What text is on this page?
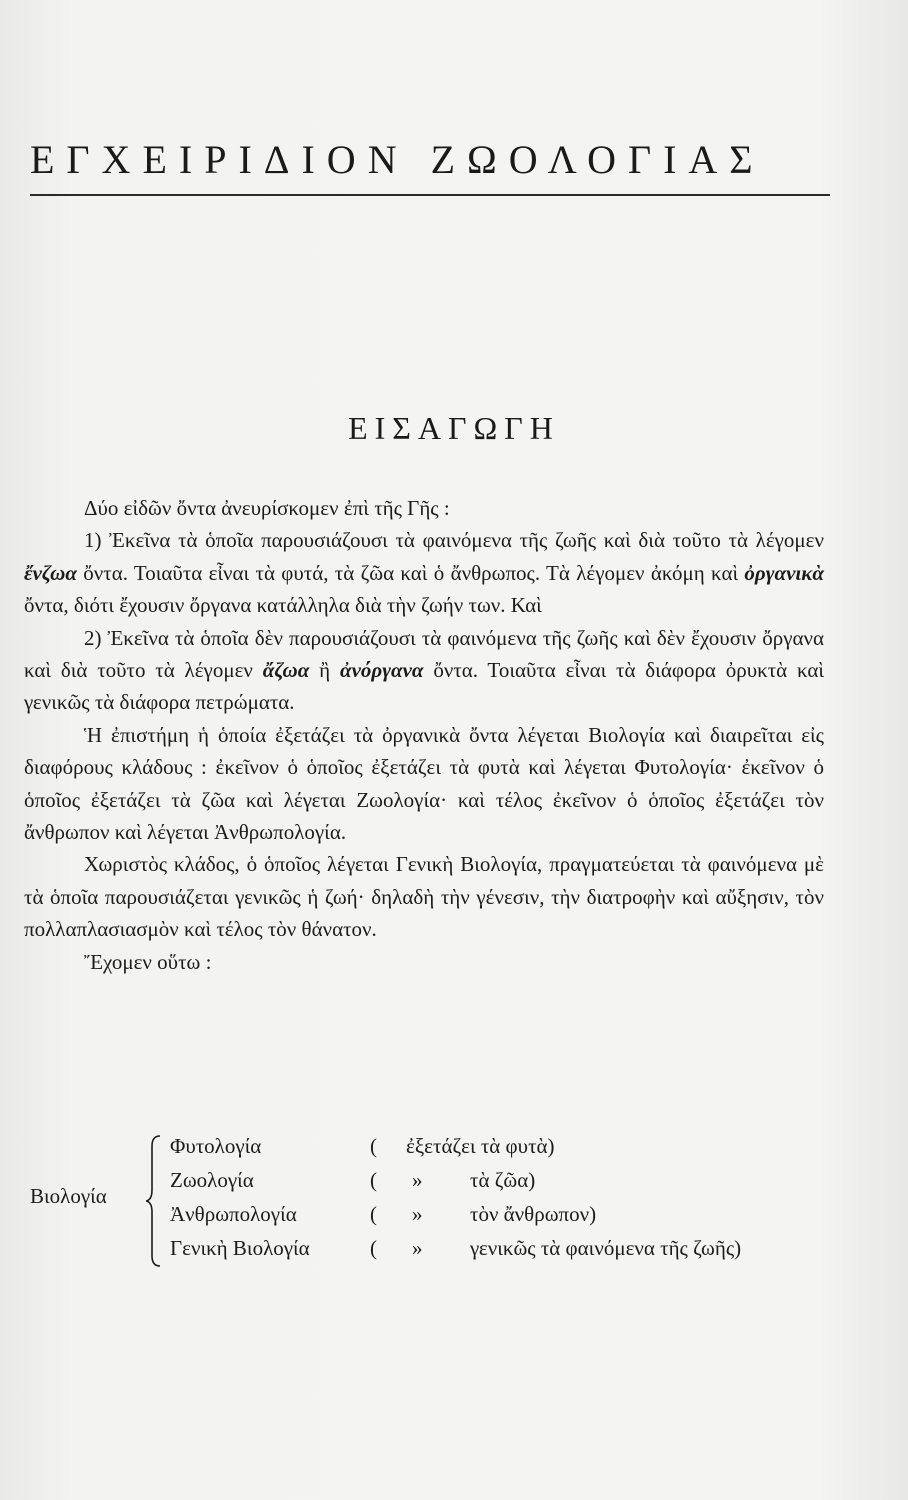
ΕΓΧΕΙΡΙΔΙΟΝ ΖΩΟΛΟΓΙΑΣ
ΕΙΣΑΓΩΓΗ

Δύο εἰδῶν ὄντα ἀνευρίσκομεν ἐπὶ τῆς Γῆς :

1) Ἐκεῖνα τὰ ὁποῖα παρουσιάζουσι τὰ φαινόμενα τῆς ζωῆς καὶ διὰ τοῦτο τὰ λέγομεν ἔνζωα ὄντα. Τοιαῦτα εἶναι τὰ φυτά, τὰ ζῶα καὶ ὁ ἄνθρωπος. Τὰ λέγομεν ἀκόμη καὶ ὀργανικὰ ὄντα, διότι ἔχουσιν ὄργανα κατάλληλα διὰ τὴν ζωήν των. Καὶ

2) Ἐκεῖνα τὰ ὁποῖα δὲν παρουσιάζουσι τὰ φαινόμενα τῆς ζωῆς καὶ δὲν ἔχουσιν ὄργανα καὶ διὰ τοῦτο τὰ λέγομεν ἄζωα ἢ ἀνόργανα ὄντα. Τοιαῦτα εἶναι τὰ διάφορα ὀρυκτὰ καὶ γενικῶς τὰ διάφορα πετρώματα.

Ἡ ἐπιστήμη ἡ ὁποία ἐξετάζει τὰ ὀργανικὰ ὄντα λέγεται Βιολογία καὶ διαιρεῖται εἰς διαφόρους κλάδους : ἐκεῖνον ὁ ὁποῖος ἐξετάζει τὰ φυτὰ καὶ λέγεται Φυτολογία· ἐκεῖνον ὁ ὁποῖος ἐξετάζει τὰ ζῶα καὶ λέγεται Ζωολογία· καὶ τέλος ἐκεῖνον ὁ ὁποῖος ἐξετάζει τὸν ἄνθρωπον καὶ λέγεται Ἀνθρωπολογία.

Χωριστὸς κλάδος, ὁ ὁποῖος λέγεται Γενικὴ Βιολογία, πραγματεύεται τὰ φαινόμενα μὲ τὰ ὁποῖα παρουσιάζεται γενικῶς ἡ ζωή· δηλαδὴ τὴν γένεσιν, τὴν διατροφὴν καὶ αὔξησιν, τὸν πολλαπλασιασμὸν καὶ τέλος τὸν θάνατον.

Ἔχομεν οὕτω :

Βιολογία
Φυτολογία	( ἐξετάζει τὰ φυτὰ)
Ζωολογία	( » τὰ ζῶα)
Ἀνθρωπολογία	( » τὸν ἄνθρωπον)
Γενικὴ Βιολογία	( » γενικῶς τὰ φαινόμενα τῆς ζωῆς)
